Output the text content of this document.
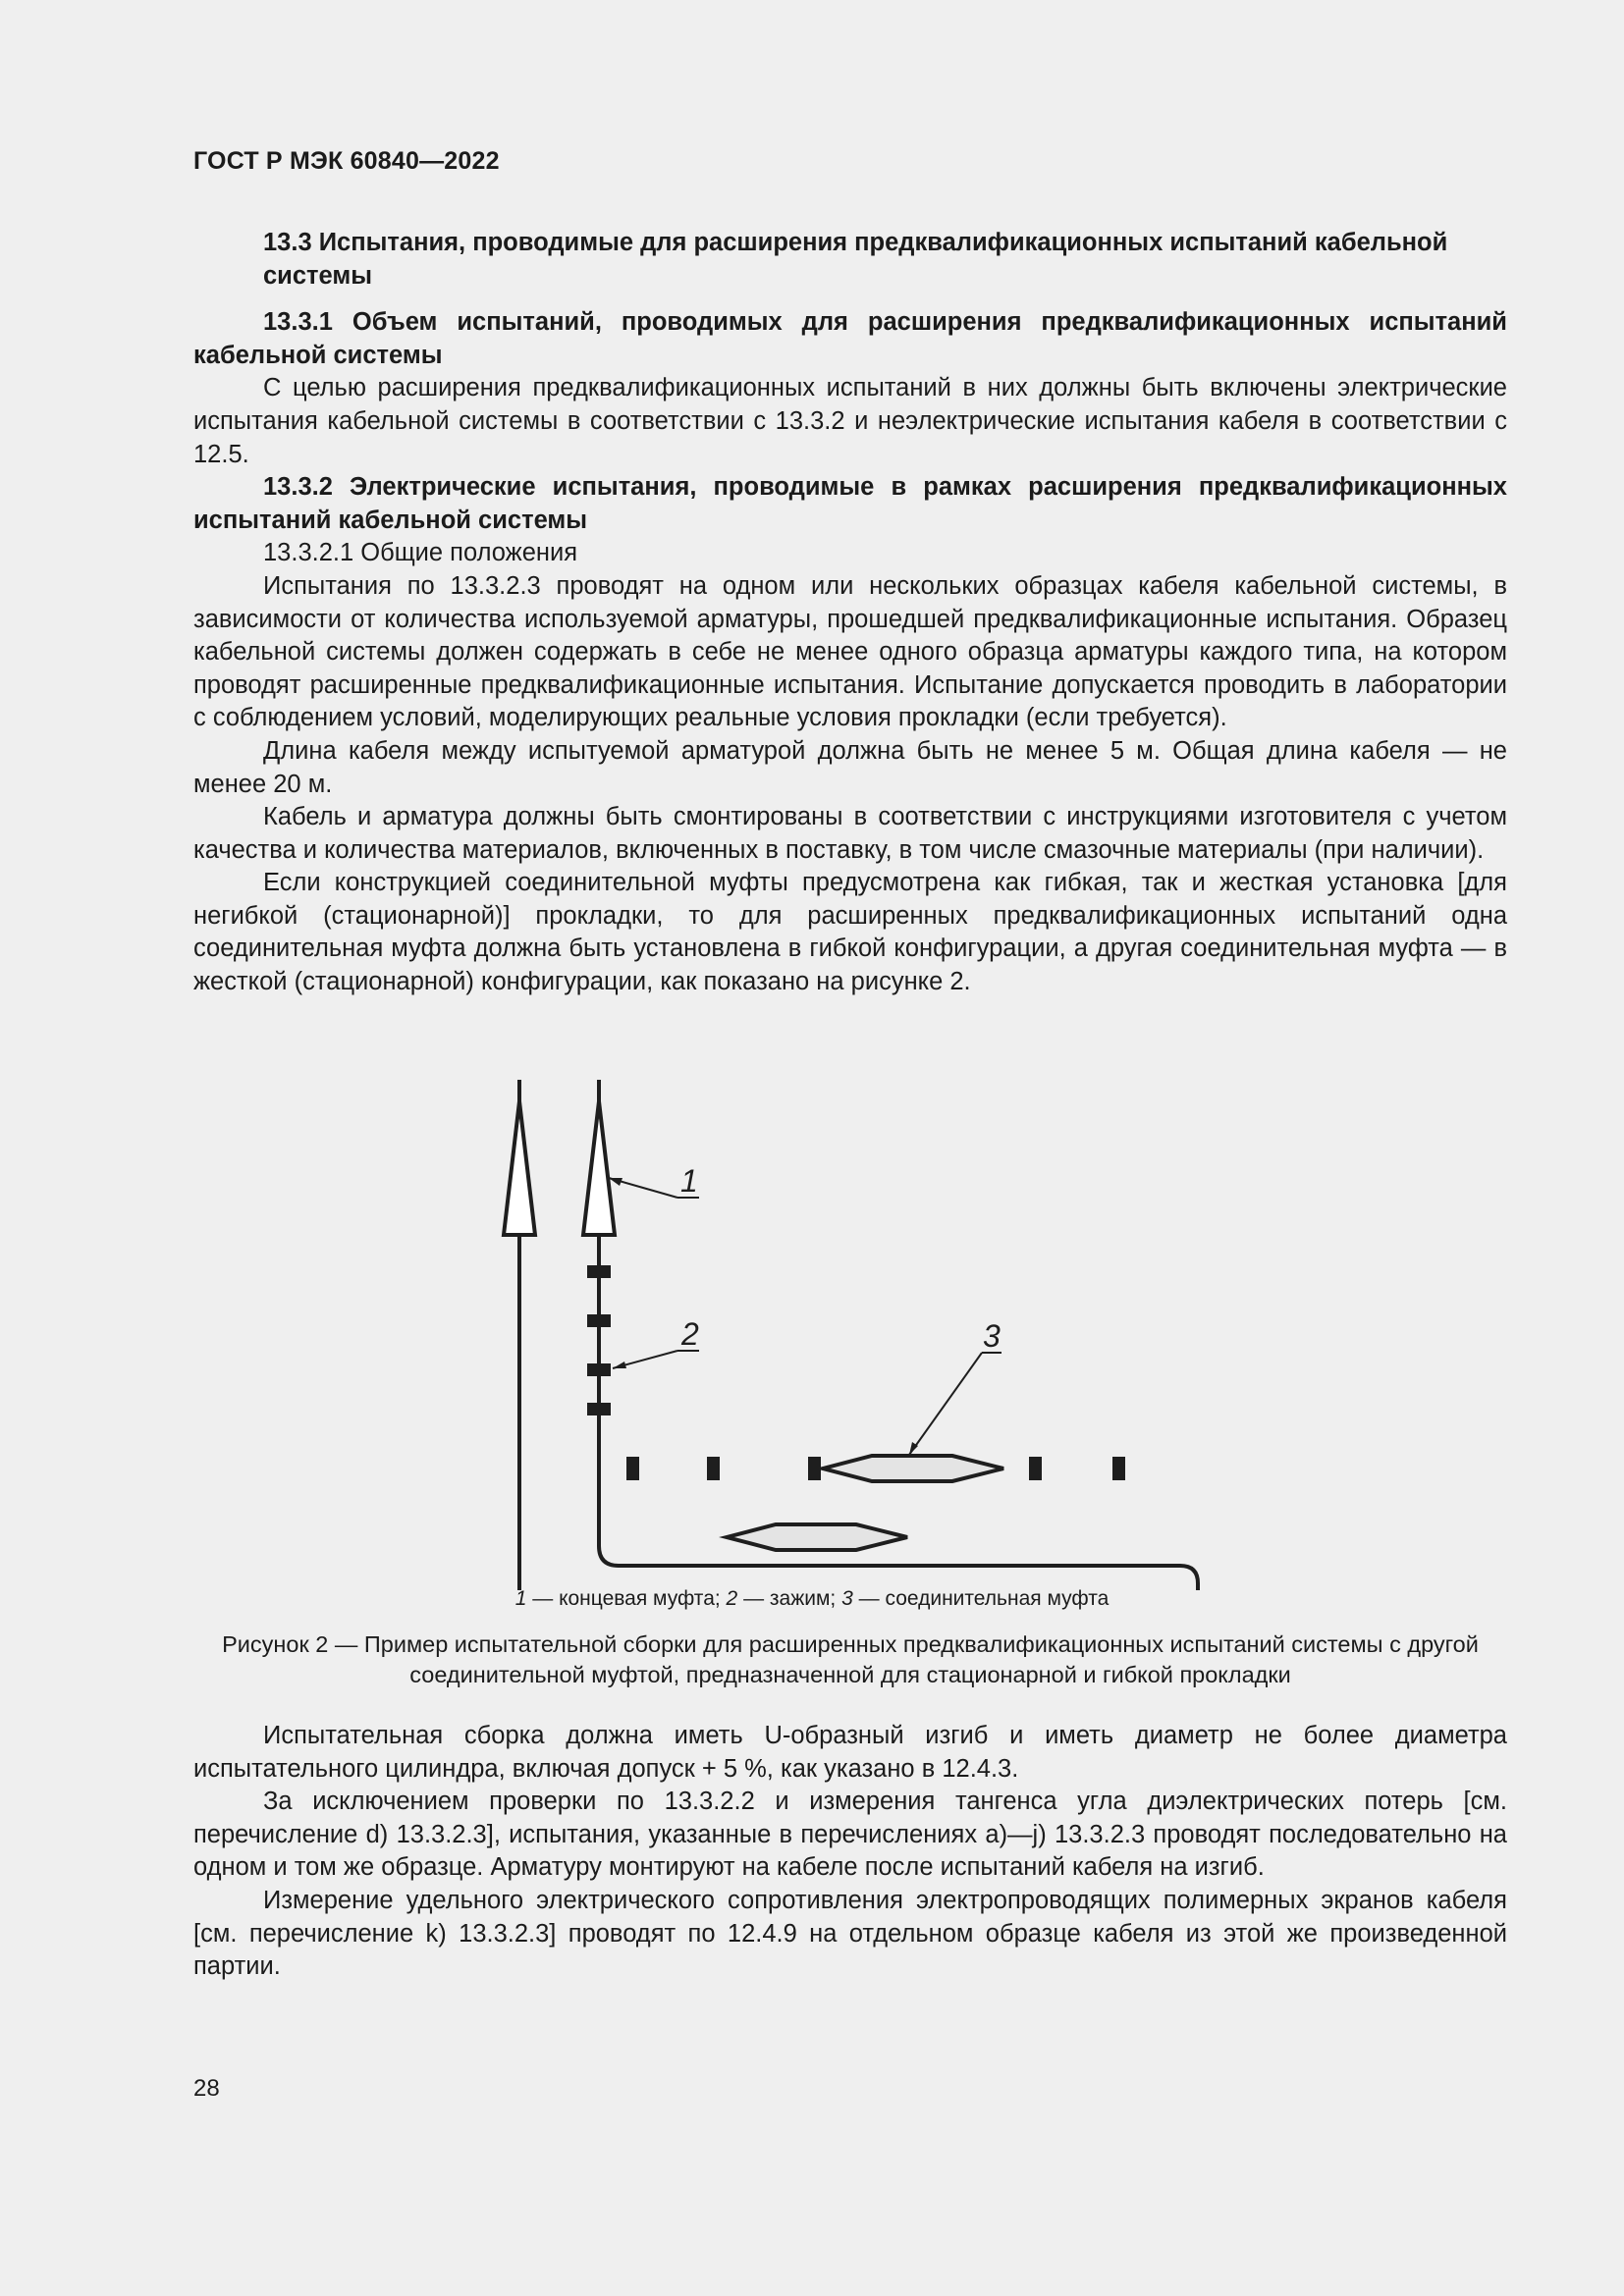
ГОСТ Р МЭК 60840—2022

13.3 Испытания, проводимые для расширения предквалификационных испытаний кабельной системы

13.3.1 Объем испытаний, проводимых для расширения предквалификационных испытаний кабельной системы

С целью расширения предквалификационных испытаний в них должны быть включены электрические испытания кабельной системы в соответствии с 13.3.2 и неэлектрические испытания кабеля в соответствии с 12.5.

13.3.2 Электрические испытания, проводимые в рамках расширения предквалификационных испытаний кабельной системы

13.3.2.1 Общие положения

Испытания по 13.3.2.3 проводят на одном или нескольких образцах кабеля кабельной системы, в зависимости от количества используемой арматуры, прошедшей предквалификационные испытания. Образец кабельной системы должен содержать в себе не менее одного образца арматуры каждого типа, на котором проводят расширенные предквалификационные испытания. Испытание допускается проводить в лаборатории с соблюдением условий, моделирующих реальные условия прокладки (если требуется).

Длина кабеля между испытуемой арматурой должна быть не менее 5 м. Общая длина кабеля — не менее 20 м.

Кабель и арматура должны быть смонтированы в соответствии с инструкциями изготовителя с учетом качества и количества материалов, включенных в поставку, в том числе смазочные материалы (при наличии).

Если конструкцией соединительной муфты предусмотрена как гибкая, так и жесткая установка [для негибкой (стационарной)] прокладки, то для расширенных предквалификационных испытаний одна соединительная муфта должна быть установлена в гибкой конфигурации, а другая соединительная муфта — в жесткой (стационарной) конфигурации, как показано на рисунке 2.

1
2	3
1 — концевая муфта; 2 — зажим; 3 — соединительная муфта
Рисунок 2 — Пример испытательной сборки для расширенных предквалификационных испытаний системы с другой соединительной муфтой, предназначенной для стационарной и гибкой прокладки

Испытательная сборка должна иметь U-образный изгиб и иметь диаметр не более диаметра испытательного цилиндра, включая допуск + 5 %, как указано в 12.4.3.

За исключением проверки по 13.3.2.2 и измерения тангенса угла диэлектрических потерь [см. перечисление d) 13.3.2.3], испытания, указанные в перечислениях a)—j) 13.3.2.3 проводят последовательно на одном и том же образце. Арматуру монтируют на кабеле после испытаний кабеля на изгиб.

Измерение удельного электрического сопротивления электропроводящих полимерных экранов кабеля [см. перечисление k) 13.3.2.3] проводят по 12.4.9 на отдельном образце кабеля из этой же произведенной партии.

28
